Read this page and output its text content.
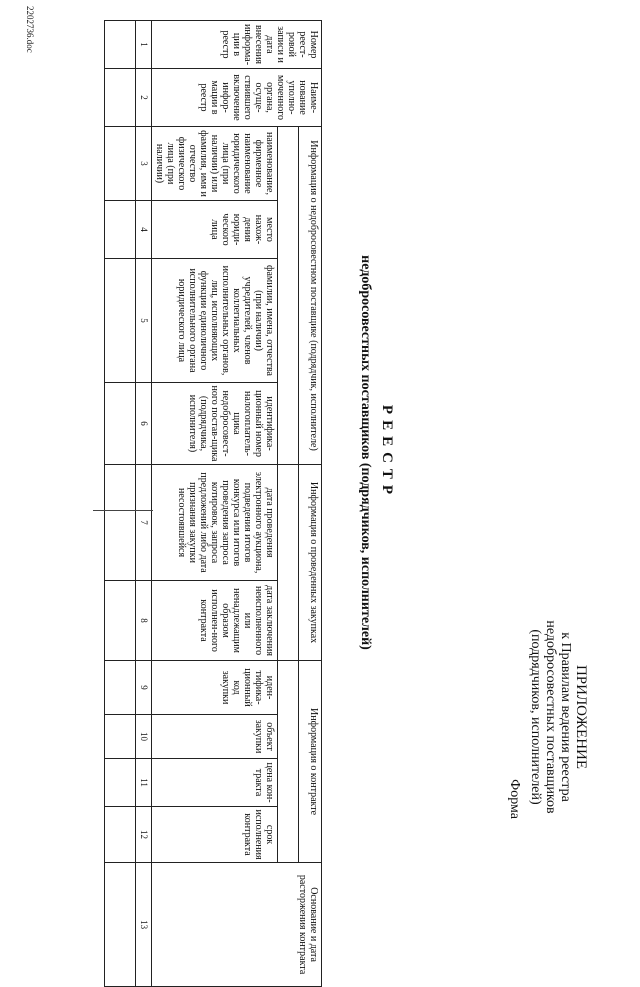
ПРИЛОЖЕНИЕ
к Правилам ведения реестра
недобросовестных поставщиков
(подрядчиков, исполнителей)
Форма
РЕЕСТР
недобросовестных поставщиков (подрядчиков, исполнителей)
Номер реест-ровой записи и дата внесения информа-ции в реестр	Наиме-нование уполно-моченного органа, осуще-ствившего включение инфор-мации в реестр	Информация о недобросовестном поставщике (подрядчик, исполнителе)				Информация о проведенных закупках		Информация о контракте				Основание и дата расторжения контракта

		наименование, фирменное наименование юридического лица (при наличии) или фамилия, имя и отчество физического лица (при наличии)	место нахож-дения юриди-ческого лица	фамилии, имена, отчества (при наличии) учредителей, членов коллегиальных исполнительных органов, лиц, исполняющих функции единоличного исполнительного органа юридического лица	идентифика-ционный номер налогоплатель-щика недобросовест-ного постав-щика (подрядчика, исполнителя)	дата проведения электронного аукциона, подведения итогов конкурса или итогов проведения запроса котировок, запроса предложений либо дата признания закупки несостоявшейся	дата заключения неисполненного или ненадлежащим образом исполнен-ного контракта	иден-тифика-ционный код закупки	объект закупки	цена кон-тракта	срок исполнения контракта	
1	2	3	4	5	6	7	8	9	10	11	12	13

2202736.doc
